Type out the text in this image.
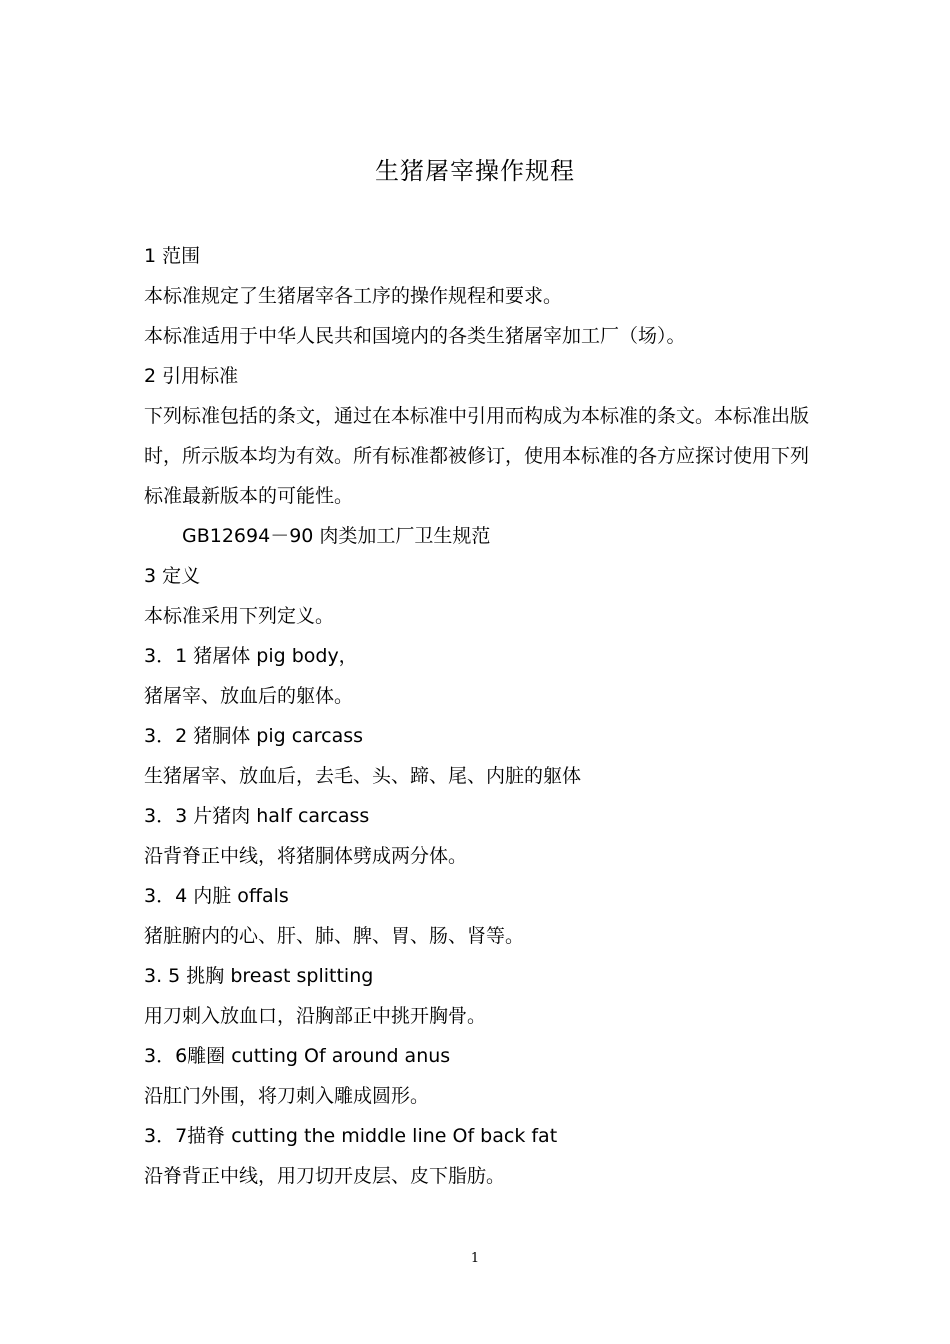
生猪屠宰操作规程
1 范围
本标准规定了生猪屠宰各工序的操作规程和要求。
本标准适用于中华人民共和国境内的各类生猪屠宰加工厂（场）。
2 引用标准
下列标准包括的条文，通过在本标准中引用而构成为本标准的条文。本标准出版
时，所示版本均为有效。所有标准都被修订，使用本标准的各方应探讨使用下列
标准最新版本的可能性。
GB12694－90 肉类加工厂卫生规范
3 定义
本标准采用下列定义。
3．1 猪屠体 pig body，
猪屠宰、放血后的躯体。
3．2 猪胴体 pig carcass
生猪屠宰、放血后，去毛、头、蹄、尾、内脏的躯体
3．3 片猪肉 half carcass
沿背脊正中线，将猪胴体劈成两分体。
3．4 内脏 offals
猪脏腑内的心、肝、肺、脾、胃、肠、肾等。
3. 5 挑胸 breast splitting
用刀刺入放血口，沿胸部正中挑开胸骨。
3．6雕圈 cutting Of around anus
沿肛门外围，将刀刺入雕成圆形。
3．7描脊 cutting the middle line Of back fat
沿脊背正中线，用刀切开皮层、皮下脂肪。
1
